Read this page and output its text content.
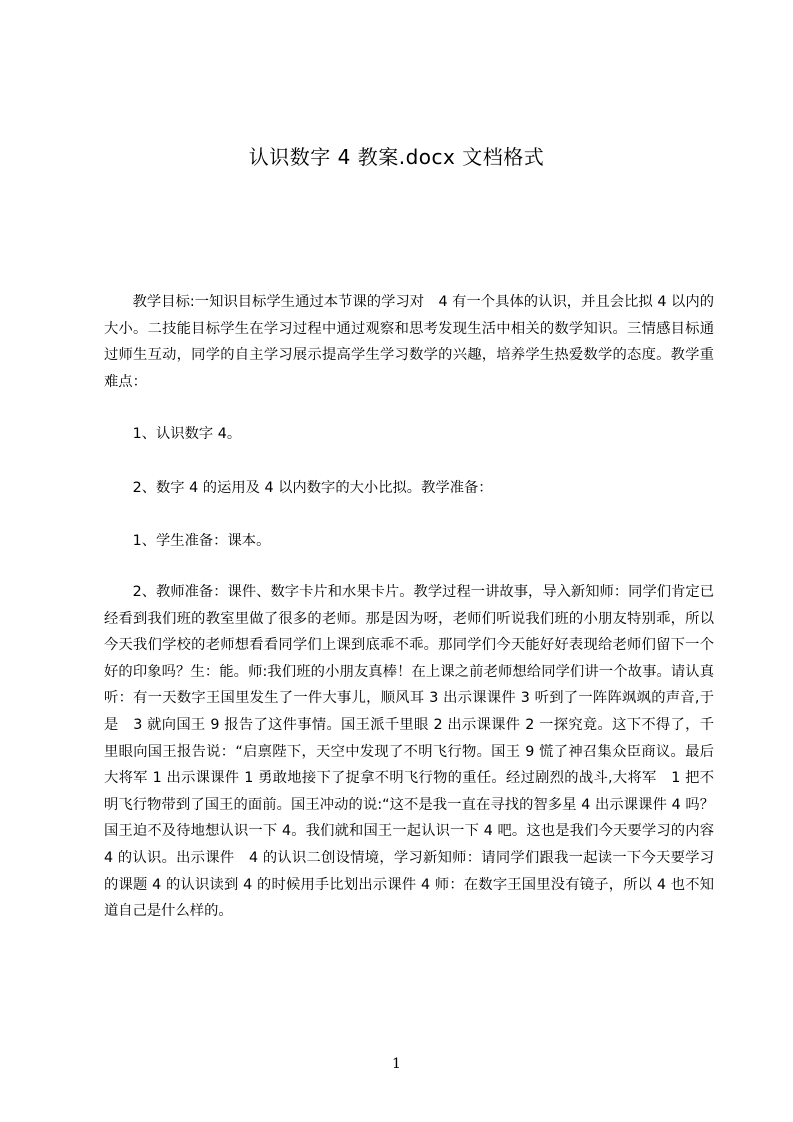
认识数字 4 教案.docx 文档格式

教学目标:一知识目标学生通过本节课的学习对　4 有一个具体的认识，并且会比拟 4 以内的大小。二技能目标学生在学习过程中通过观察和思考发现生活中相关的数学知识。三情感目标通过师生互动，同学的自主学习展示提高学生学习数学的兴趣，培养学生热爱数学的态度。教学重难点：

1、认识数字 4。

2、数字 4 的运用及 4 以内数字的大小比拟。教学准备：

1、学生准备：课本。

2、教师准备：课件、数字卡片和水果卡片。教学过程一讲故事，导入新知师：同学们肯定已经看到我们班的教室里做了很多的老师。那是因为呀，老师们听说我们班的小朋友特别乖，所以今天我们学校的老师想看看同学们上课到底乖不乖。那同学们今天能好好表现给老师们留下一个好的印象吗？生：能。师:我们班的小朋友真棒！在上课之前老师想给同学们讲一个故事。请认真听：有一天数字王国里发生了一件大事儿，顺风耳 3 出示课课件 3 听到了一阵阵飒飒的声音,于是　3 就向国王 9 报告了这件事情。国王派千里眼 2 出示课课件 2 一探究竟。这下不得了，千里眼向国王报告说：“启禀陛下，天空中发现了不明飞行物。国王 9 慌了神召集众臣商议。最后大将军 1 出示课课件 1 勇敢地接下了捉拿不明飞行物的重任。经过剧烈的战斗,大将军　1 把不明飞行物带到了国王的面前。国王冲动的说:“这不是我一直在寻找的智多星 4 出示课课件 4 吗？国王迫不及待地想认识一下 4。我们就和国王一起认识一下 4 吧。这也是我们今天要学习的内容 4 的认识。出示课件　4 的认识二创设情境，学习新知师：请同学们跟我一起读一下今天要学习的课题 4 的认识读到 4 的时候用手比划出示课件 4 师：在数字王国里没有镜子，所以 4 也不知道自己是什么样的。

1
